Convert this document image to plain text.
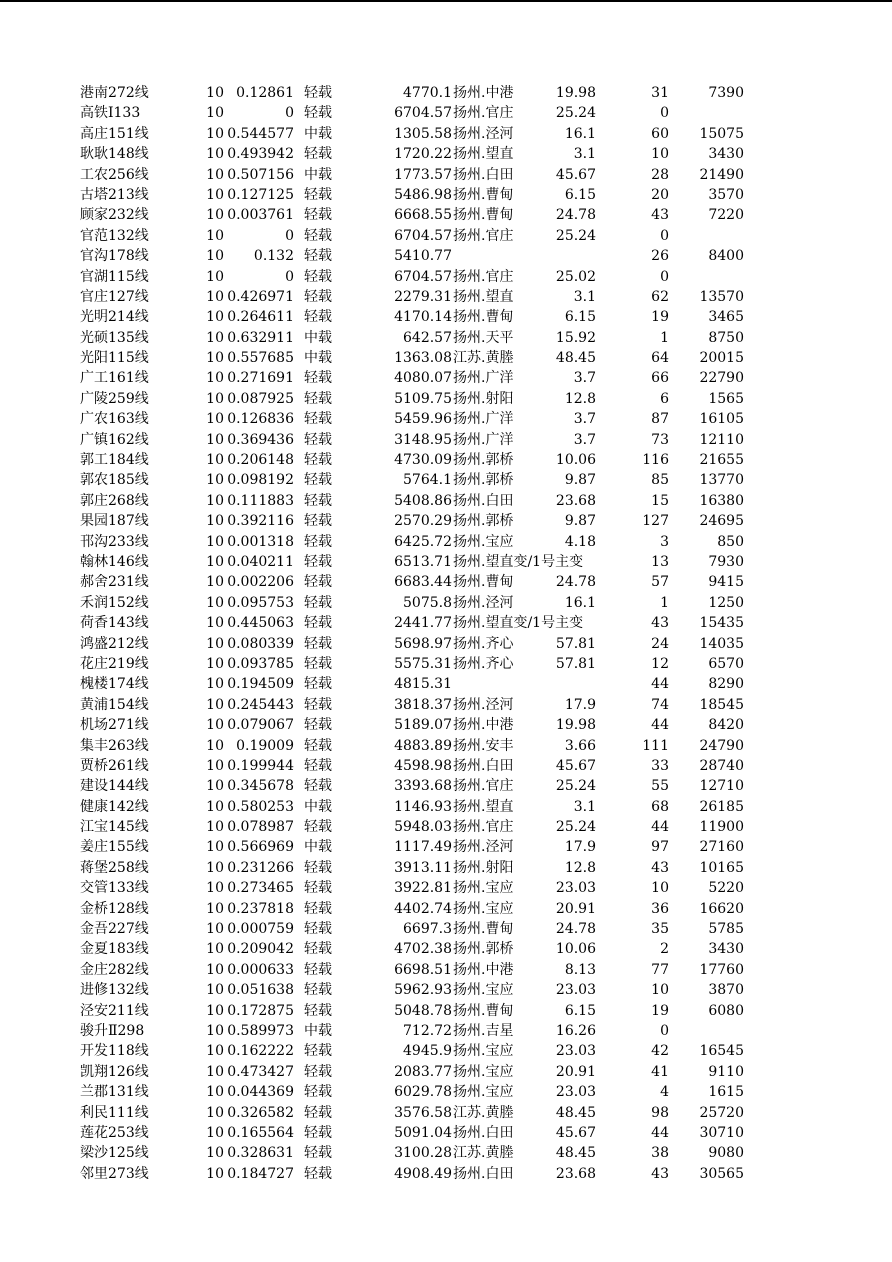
港南272线	10 0.12861 轻载	4770.1 扬州.中港	19.98	31	7390
高铁Ⅰ133	10	0 轻载	6704.57 扬州.官庄	25.24	0
高庄151线	10 0.544577 中载	1305.58 扬州.泾河	16.1	60	15075
耿耿148线	10 0.493942 轻载	1720.22 扬州.望直	3.1	10	3430
工农256线	10 0.507156 中载	1773.57 扬州.白田	45.67	28	21490
古塔213线	10 0.127125 轻载	5486.98 扬州.曹甸	6.15	20	3570
顾家232线	10 0.003761 轻载	6668.55 扬州.曹甸	24.78	43	7220
官范132线	10	0 轻载	6704.57 扬州.官庄	25.24	0
官沟178线	10	0.132 轻载	5410.77	26	8400
官湖115线	10	0 轻载	6704.57 扬州.官庄	25.02	0
官庄127线	10 0.426971 轻载	2279.31 扬州.望直	3.1	62	13570
光明214线	10 0.264611 轻载	4170.14 扬州.曹甸	6.15	19	3465
光硕135线	10 0.632911 中载	642.57 扬州.天平	15.92	1	8750
光阳115线	10 0.557685 中载	1363.08 江苏.黄塍	48.45	64	20015
广工161线	10 0.271691 轻载	4080.07 扬州.广洋	3.7	66	22790
广陵259线	10 0.087925 轻载	5109.75 扬州.射阳	12.8	6	1565
广农163线	10 0.126836 轻载	5459.96 扬州.广洋	3.7	87	16105
广镇162线	10 0.369436 轻载	3148.95 扬州.广洋	3.7	73	12110
郭工184线	10 0.206148 轻载	4730.09 扬州.郭桥	10.06	116	21655
郭农185线	10 0.098192 轻载	5764.1 扬州.郭桥	9.87	85	13770
郭庄268线	10 0.111883 轻载	5408.86 扬州.白田	23.68	15	16380
果园187线	10 0.392116 轻载	2570.29 扬州.郭桥	9.87	127	24695
邗沟233线	10 0.001318 轻载	6425.72 扬州.宝应	4.18	3	850
翰林146线	10 0.040211 轻载	6513.71 扬州.望直变/1号主变	13	7930
郝舍231线	10 0.002206 轻载	6683.44 扬州.曹甸	24.78	57	9415
禾润152线	10 0.095753 轻载	5075.8 扬州.泾河	16.1	1	1250
荷香143线	10 0.445063 轻载	2441.77 扬州.望直变/1号主变	43	15435
鸿盛212线	10 0.080339 轻载	5698.97 扬州.齐心	57.81	24	14035
花庄219线	10 0.093785 轻载	5575.31 扬州.齐心	57.81	12	6570
槐楼174线	10 0.194509 轻载	4815.31	44	8290
黄浦154线	10 0.245443 轻载	3818.37 扬州.泾河	17.9	74	18545
机场271线	10 0.079067 轻载	5189.07 扬州.中港	19.98	44	8420
集丰263线	10 0.19009 轻载	4883.89 扬州.安丰	3.66	111	24790
贾桥261线	10 0.199944 轻载	4598.98 扬州.白田	45.67	33	28740
建设144线	10 0.345678 轻载	3393.68 扬州.官庄	25.24	55	12710
健康142线	10 0.580253 中载	1146.93 扬州.望直	3.1	68	26185
江宝145线	10 0.078987 轻载	5948.03 扬州.官庄	25.24	44	11900
姜庄155线	10 0.566969 中载	1117.49 扬州.泾河	17.9	97	27160
蒋堡258线	10 0.231266 轻载	3913.11 扬州.射阳	12.8	43	10165
交管133线	10 0.273465 轻载	3922.81 扬州.宝应	23.03	10	5220
金桥128线	10 0.237818 轻载	4402.74 扬州.宝应	20.91	36	16620
金吾227线	10 0.000759 轻载	6697.3 扬州.曹甸	24.78	35	5785
金夏183线	10 0.209042 轻载	4702.38 扬州.郭桥	10.06	2	3430
金庄282线	10 0.000633 轻载	6698.51 扬州.中港	8.13	77	17760
进修132线	10 0.051638 轻载	5962.93 扬州.宝应	23.03	10	3870
泾安211线	10 0.172875 轻载	5048.78 扬州.曹甸	6.15	19	6080
骏升Ⅱ298	10 0.589973 中载	712.72 扬州.吉星	16.26	0
开发118线	10 0.162222 轻载	4945.9 扬州.宝应	23.03	42	16545
凯翔126线	10 0.473427 轻载	2083.77 扬州.宝应	20.91	41	9110
兰郡131线	10 0.044369 轻载	6029.78 扬州.宝应	23.03	4	1615
利民111线	10 0.326582 轻载	3576.58 江苏.黄塍	48.45	98	25720
莲花253线	10 0.165564 轻载	5091.04 扬州.白田	45.67	44	30710
梁沙125线	10 0.328631 轻载	3100.28 江苏.黄塍	48.45	38	9080
邻里273线	10 0.184727 轻载	4908.49 扬州.白田	23.68	43	30565
